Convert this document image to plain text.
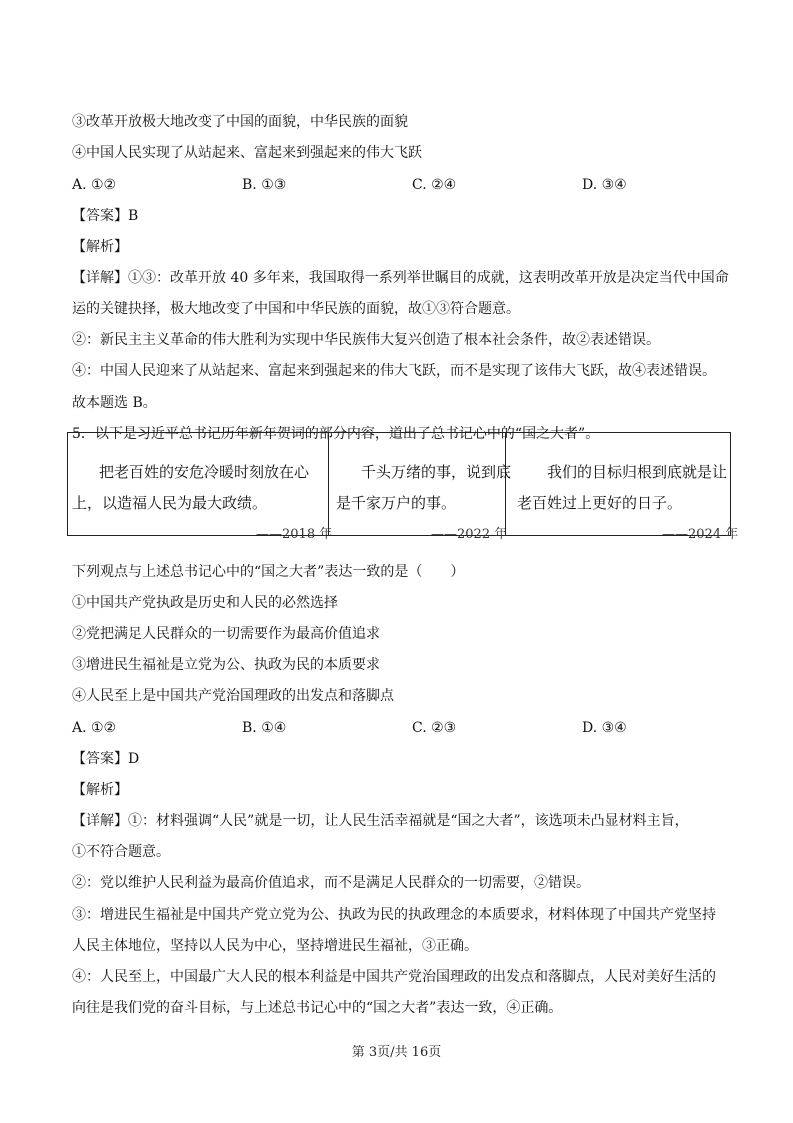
③改革开放极大地改变了中国的面貌，中华民族的面貌
④中国人民实现了从站起来、富起来到强起来的伟大飞跃
A. ①②	B. ①③	C. ②④	D. ③④
【答案】B
【解析】
【详解】①③：改革开放 40 多年来，我国取得一系列举世瞩目的成就，这表明改革开放是决定当代中国命
运的关键抉择，极大地改变了中国和中华民族的面貌，故①③符合题意。
②：新民主主义革命的伟大胜利为实现中华民族伟大复兴创造了根本社会条件，故②表述错误。
④：中国人民迎来了从站起来、富起来到强起来的伟大飞跃，而不是实现了该伟大飞跃，故④表述错误。
故本题选 B。
5．以下是习近平总书记历年新年贺词的部分内容，道出了总书记心中的“国之大者”。
把老百姓的安危冷暖时刻放在心
上，以造福人民为最大政绩。
——2018 年
千头万绪的事，说到底
是千家万户的事。
——2022 年
我们的目标归根到底就是让
老百姓过上更好的日子。
——2024 年
下列观点与上述总书记心中的“国之大者”表达一致的是（　　）
①中国共产党执政是历史和人民的必然选择
②党把满足人民群众的一切需要作为最高价值追求
③增进民生福祉是立党为公、执政为民的本质要求
④人民至上是中国共产党治国理政的出发点和落脚点
A. ①②	B. ①④	C. ②③	D. ③④
【答案】D
【解析】
【详解】①：材料强调“人民”就是一切，让人民生活幸福就是“国之大者”，该选项未凸显材料主旨，
①不符合题意。
②：党以维护人民利益为最高价值追求，而不是满足人民群众的一切需要，②错误。
③：增进民生福祉是中国共产党立党为公、执政为民的执政理念的本质要求，材料体现了中国共产党坚持
人民主体地位，坚持以人民为中心，坚持增进民生福祉，③正确。
④：人民至上，中国最广大人民的根本利益是中国共产党治国理政的出发点和落脚点，人民对美好生活的
向往是我们党的奋斗目标，与上述总书记心中的“国之大者”表达一致，④正确。
第 3页/共 16页
